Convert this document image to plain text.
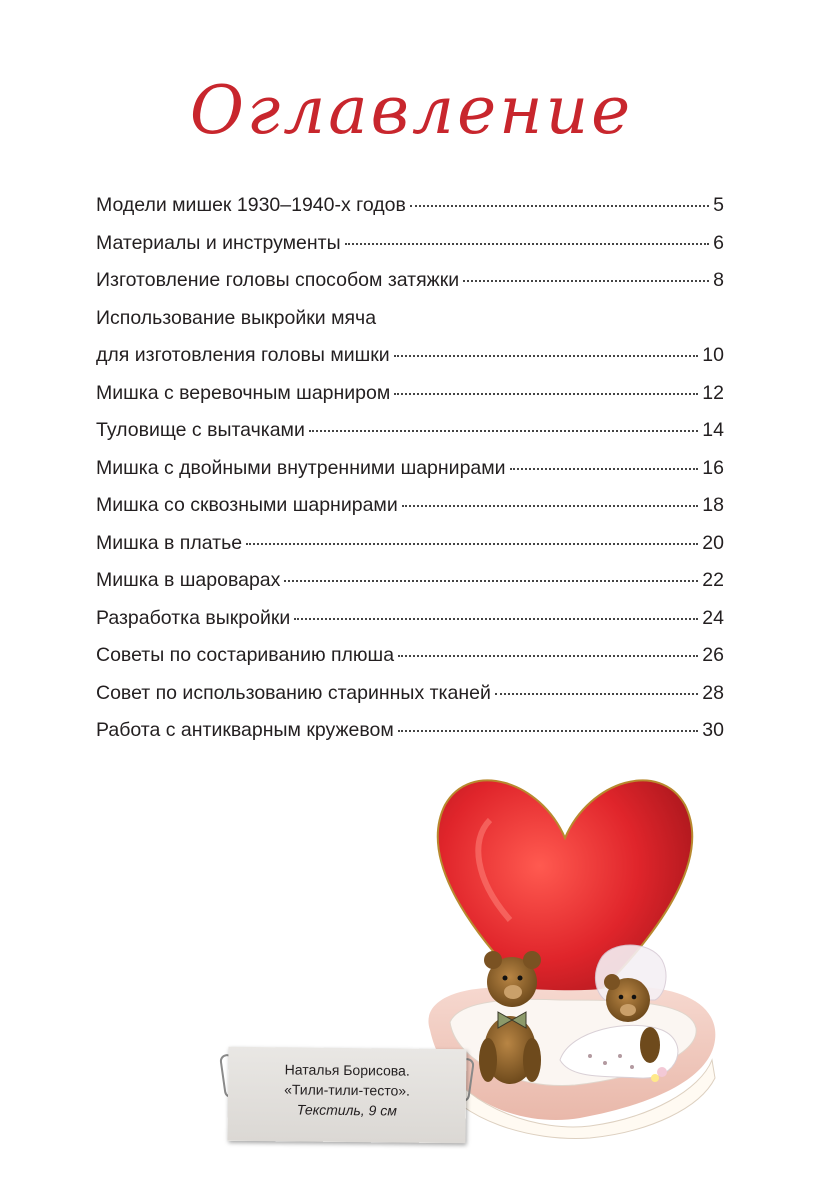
Оглавление
Модели мишек 1930–1940-х годов	5
Материалы и инструменты	6
Изготовление головы способом затяжки	8
Использование выкройки мяча
для изготовления головы мишки	10
Мишка с веревочным шарниром	12
Туловище с вытачками	14
Мишка с двойными внутренними шарнирами	16
Мишка со сквозными шарнирами	18
Мишка в платье	20
Мишка в шароварах	22
Разработка выкройки	24
Советы по состариванию плюша	26
Совет по использованию старинных тканей	28
Работа с антикварным кружевом	30
Наталья Борисова.
«Тили-тили-тесто».
Текстиль, 9 см
